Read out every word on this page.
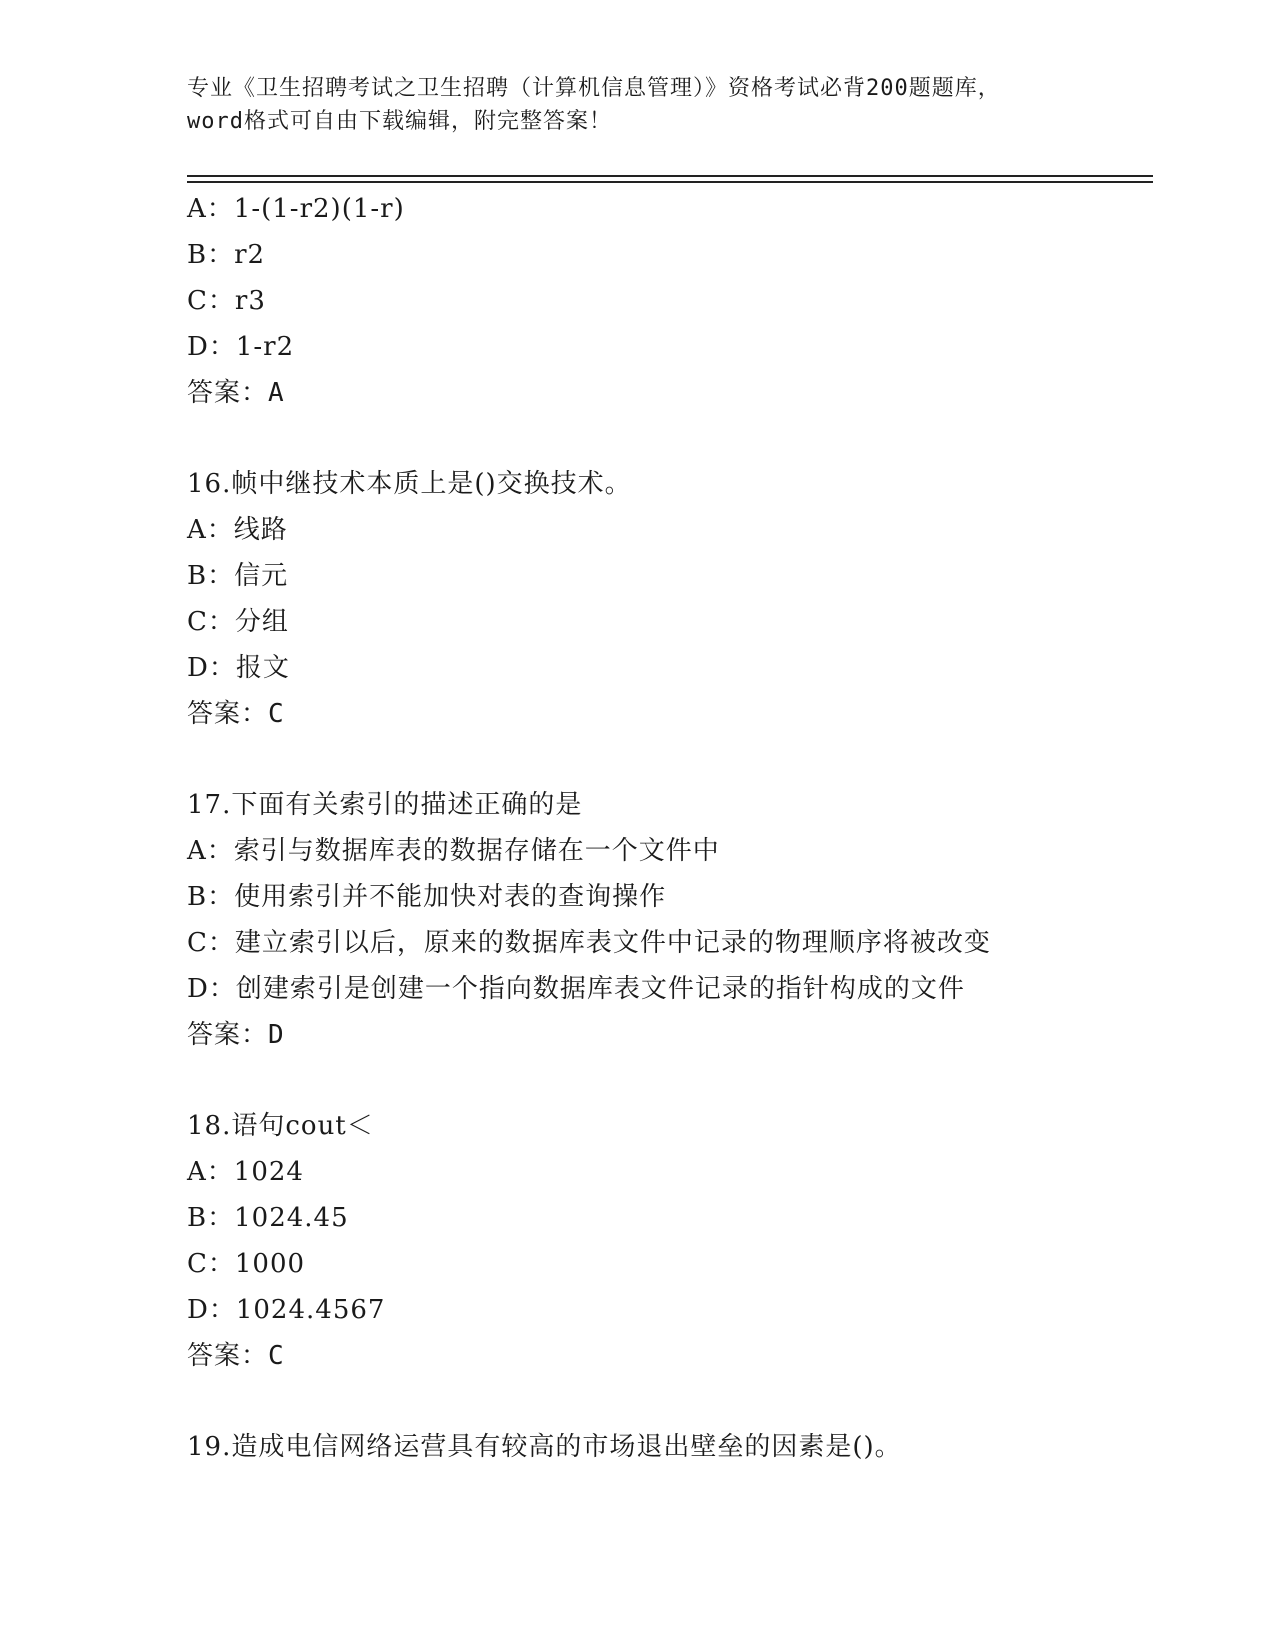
专业《卫生招聘考试之卫生招聘（计算机信息管理）》资格考试必背200题题库，
word格式可自由下载编辑，附完整答案！
A：1-(1-r2)(1-r)
B：r2
C：r3
D：1-r2
答案：A
16.帧中继技术本质上是()交换技术。
A：线路
B：信元
C：分组
D：报文
答案：C
17.下面有关索引的描述正确的是
A：索引与数据库表的数据存储在一个文件中
B：使用索引并不能加快对表的查询操作
C：建立索引以后，原来的数据库表文件中记录的物理顺序将被改变
D：创建索引是创建一个指向数据库表文件记录的指针构成的文件
答案：D
18.语句cout＜
A：1024
B：1024.45
C：1000
D：1024.4567
答案：C
19.造成电信网络运营具有较高的市场退出壁垒的因素是()。
